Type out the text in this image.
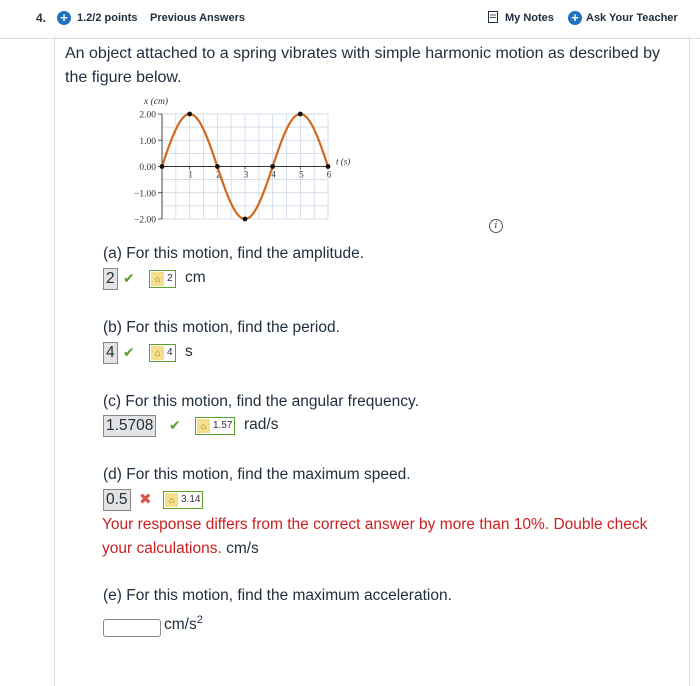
4. + 1.2/2 points Previous Answers	My Notes + Ask Your Teacher
An object attached to a spring vibrates with simple harmonic motion as described by the figure below.
2.00
1.00
0.00
−1.00
−2.00
1	2	3	4	5	6
x (cm)
t (s)
i
(a) For this motion, find the amplitude.
2 ✔	⌂ 2 cm
(b) For this motion, find the period.
4 ✔	⌂ 4 s
(c) For this motion, find the angular frequency.
1.5708 ✔	⌂ 1.57 rad/s
(d) For this motion, find the maximum speed.
0.5 ✖	⌂ 3.14
Your response differs from the correct answer by more than 10%. Double check your calculations. cm/s
(e) For this motion, find the maximum acceleration.
$cm/s^2$
